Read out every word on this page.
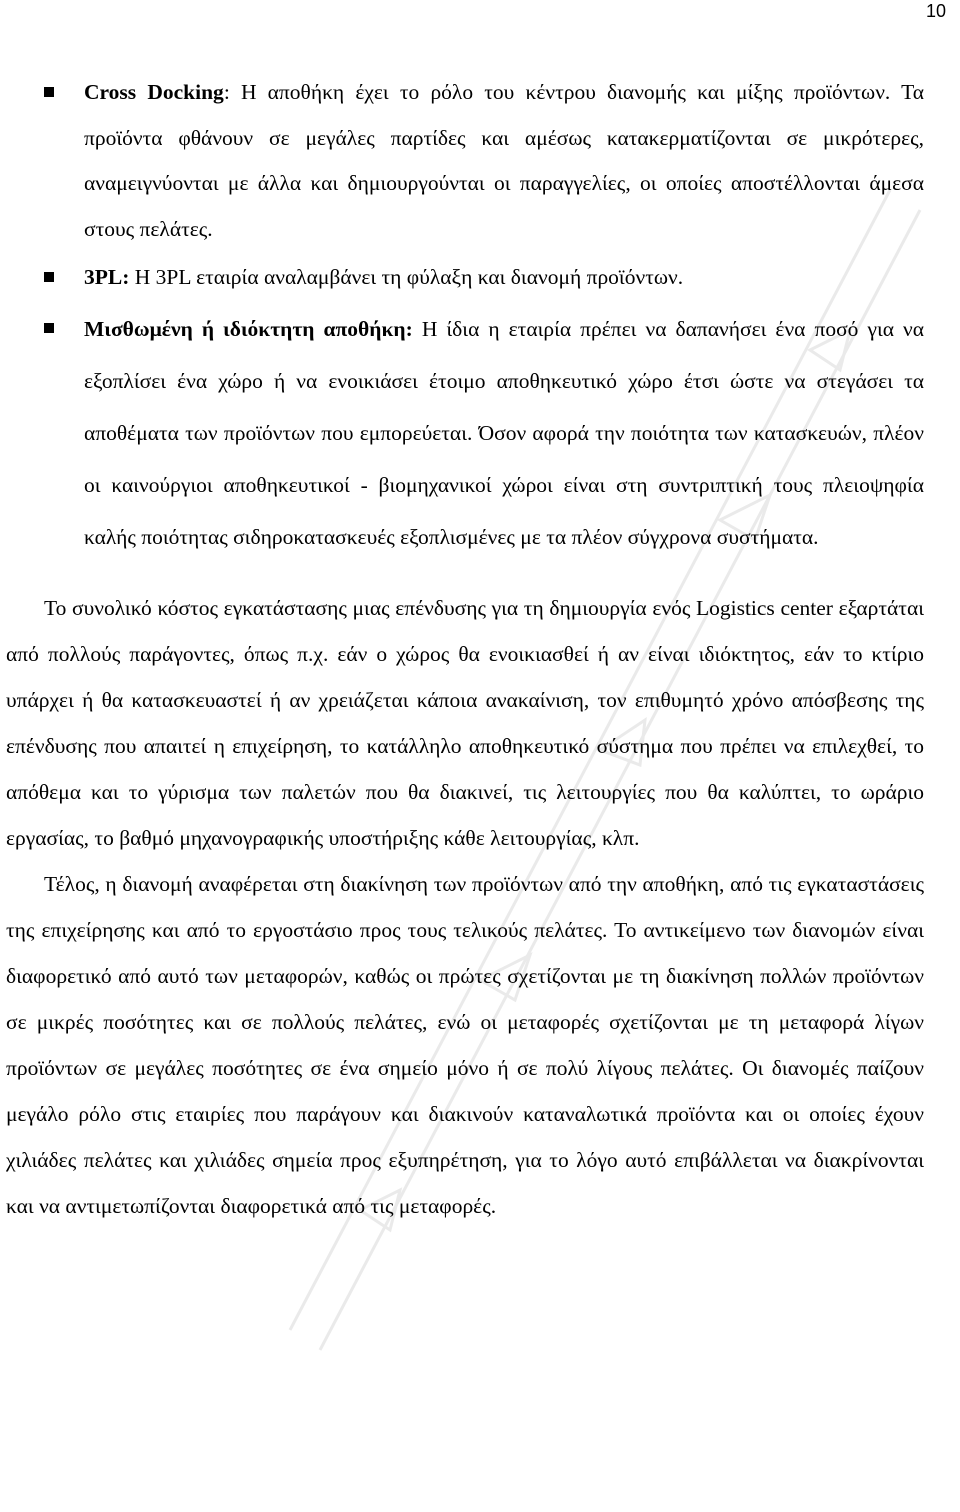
10
Cross Docking: Η αποθήκη έχει το ρόλο του κέντρου διανομής και μίξης προϊόντων. Τα προϊόντα φθάνουν σε μεγάλες παρτίδες και αμέσως κατακερματίζονται σε μικρότερες, αναμειγνύονται με άλλα και δημιουργούνται οι παραγγελίες, οι οποίες αποστέλλονται άμεσα στους πελάτες.
3PL: Η 3PL εταιρία αναλαμβάνει τη φύλαξη και διανομή προϊόντων.
Μισθωμένη ή ιδιόκτητη αποθήκη: Η ίδια η εταιρία πρέπει να δαπανήσει ένα ποσό για να εξοπλίσει ένα χώρο ή να ενοικιάσει έτοιμο αποθηκευτικό χώρο έτσι ώστε να στεγάσει τα αποθέματα των προϊόντων που εμπορεύεται. Όσον αφορά την ποιότητα των κατασκευών, πλέον οι καινούργιοι αποθηκευτικοί - βιομηχανικοί χώροι είναι στη συντριπτική τους πλειοψηφία καλής ποιότητας σιδηροκατασκευές εξοπλισμένες με τα πλέον σύγχρονα συστήματα.

Το συνολικό κόστος εγκατάστασης μιας επένδυσης για τη δημιουργία ενός Logistics center εξαρτάται από πολλούς παράγοντες, όπως π.χ. εάν ο χώρος θα ενοικιασθεί ή αν είναι ιδιόκτητος, εάν το κτίριο υπάρχει ή θα κατασκευαστεί ή αν χρειάζεται κάποια ανακαίνιση, τον επιθυμητό χρόνο απόσβεσης της επένδυσης που απαιτεί η επιχείρηση, το κατάλληλο αποθηκευτικό σύστημα που πρέπει να επιλεχθεί, το απόθεμα και το γύρισμα των παλετών που θα διακινεί, τις λειτουργίες που θα καλύπτει, το ωράριο εργασίας, το βαθμό μηχανογραφικής υποστήριξης κάθε λειτουργίας, κλπ.

Τέλος, η διανομή αναφέρεται στη διακίνηση των προϊόντων από την αποθήκη, από τις εγκαταστάσεις της επιχείρησης και από το εργοστάσιο προς τους τελικούς πελάτες. Το αντικείμενο των διανομών είναι διαφορετικό από αυτό των μεταφορών, καθώς οι πρώτες σχετίζονται με τη διακίνηση πολλών προϊόντων σε μικρές ποσότητες και σε πολλούς πελάτες, ενώ οι μεταφορές σχετίζονται με τη μεταφορά λίγων προϊόντων σε μεγάλες ποσότητες σε ένα σημείο μόνο ή σε πολύ λίγους πελάτες. Οι διανομές παίζουν μεγάλο ρόλο στις εταιρίες που παράγουν και διακινούν καταναλωτικά προϊόντα και οι οποίες έχουν χιλιάδες πελάτες και χιλιάδες σημεία προς εξυπηρέτηση, για το λόγο αυτό επιβάλλεται να διακρίνονται και να αντιμετωπίζονται διαφορετικά από τις μεταφορές.
